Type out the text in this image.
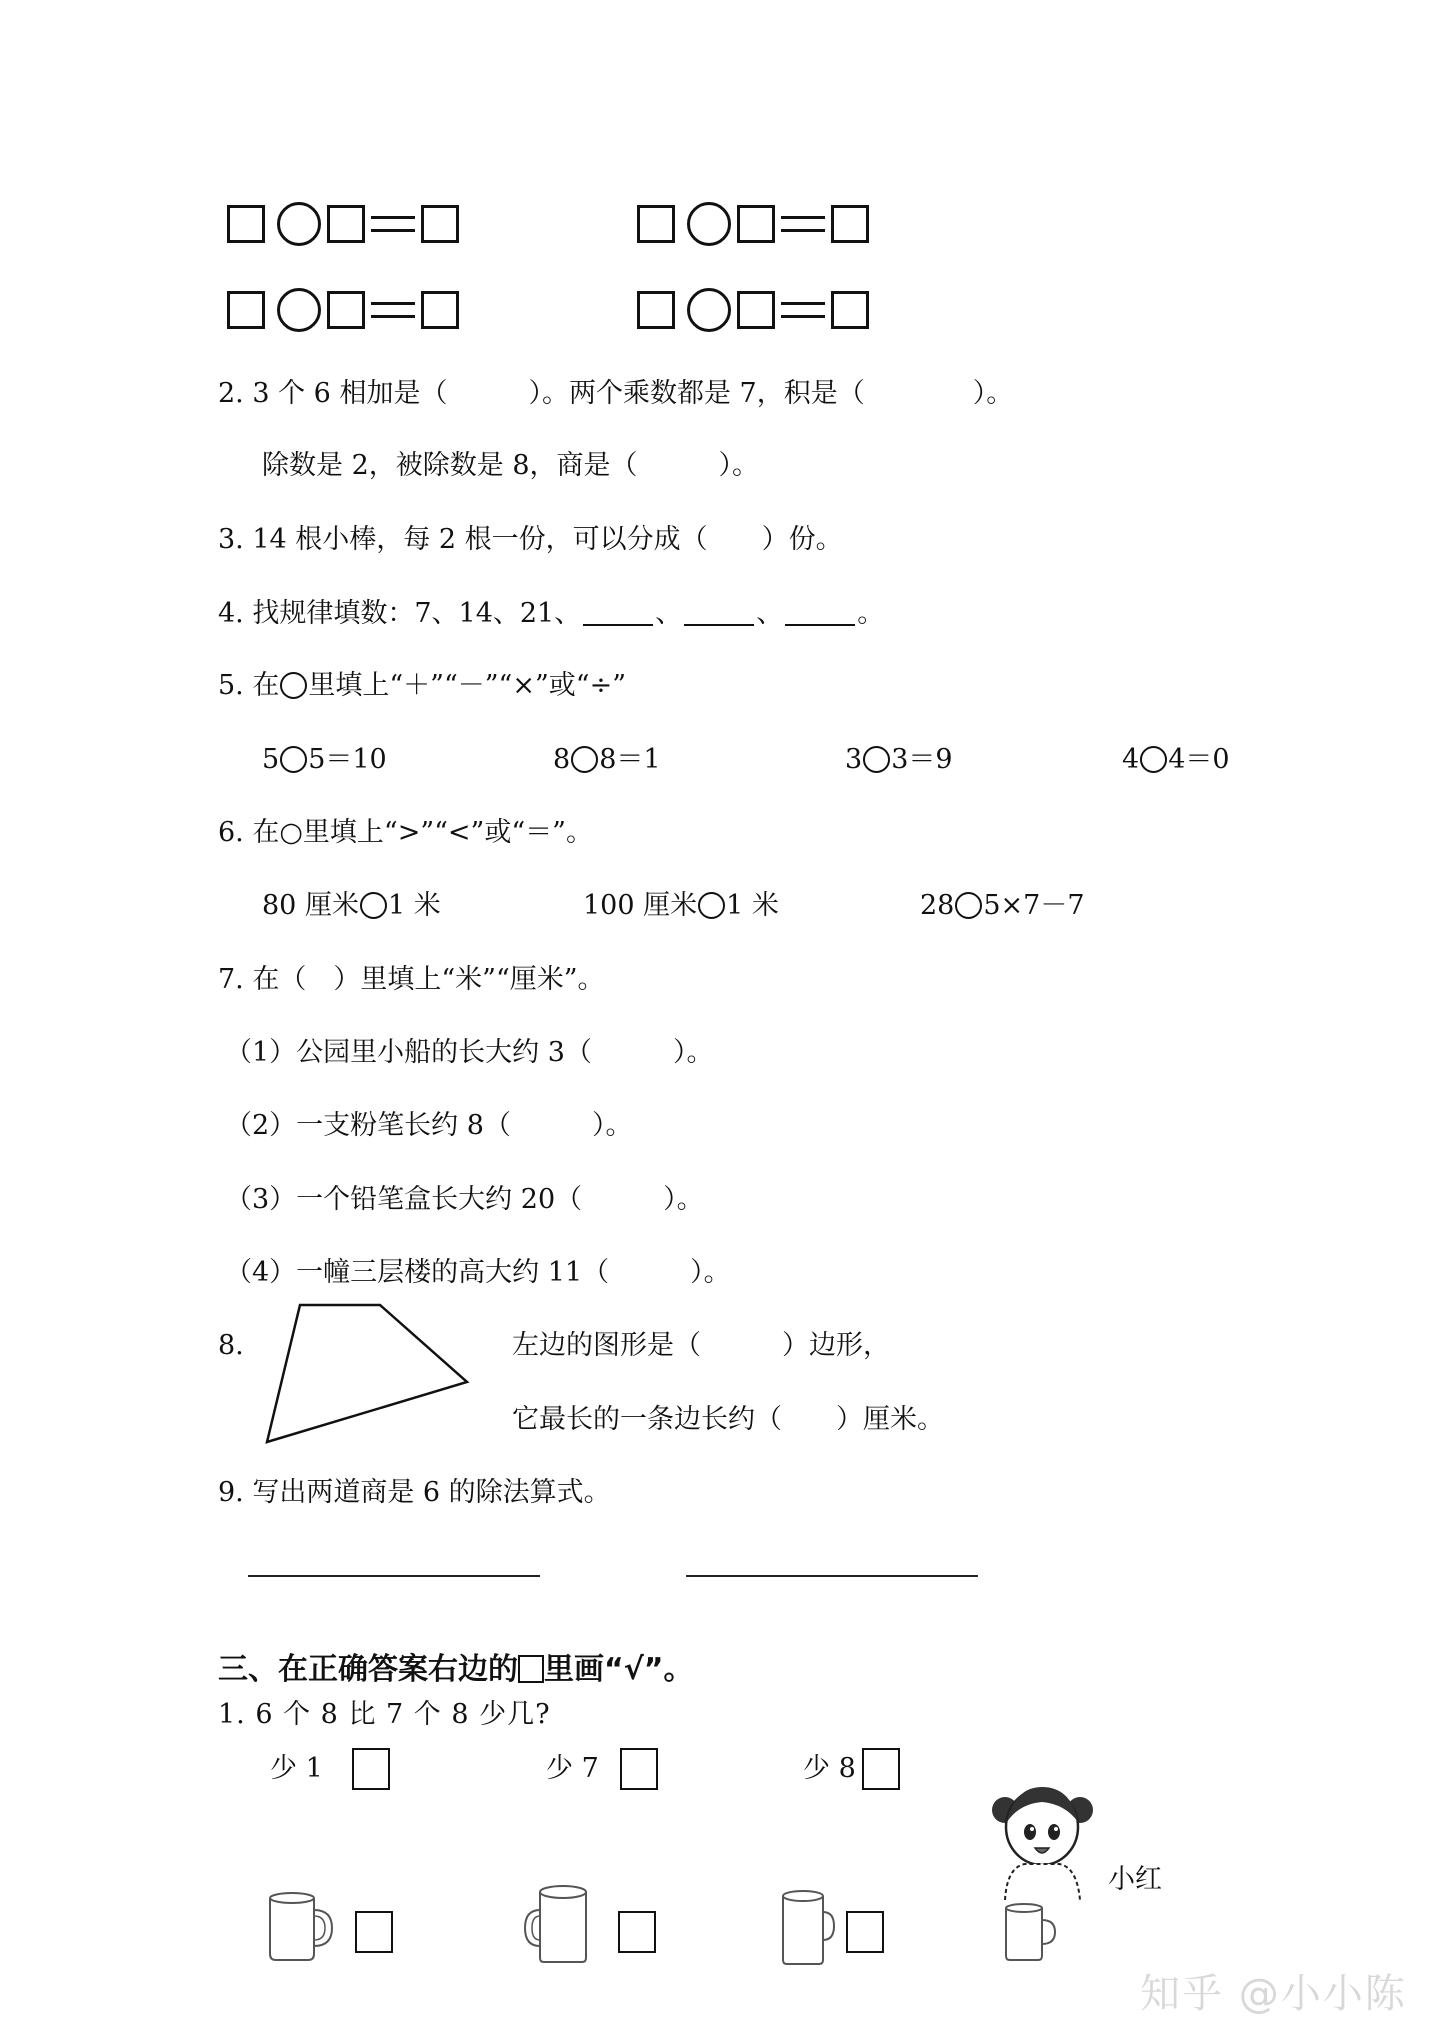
2. 3 个 6 相加是（　　　）。两个乘数都是 7，积是（　　　　）。
除数是 2，被除数是 8，商是（　　　）。
3. 14 根小棒，每 2 根一份，可以分成（　　）份。
4. 找规律填数：7、14、21、	、	、	。
5. 在 里填上“＋”“－”“×”或“÷”
5 5＝10	8 8＝1	3 3＝9	4 4＝0
6. 在○里填上“>”“<”或“＝”。
80 厘米 1 米	100 厘米 1 米	28 5×7－7
7. 在（　）里填上“米”“厘米”。
（1）公园里小船的长大约 3（　　　）。
（2）一支粉笔长约 8（　　　）。
（3）一个铅笔盒长大约 20（　　　）。
（4）一幢三层楼的高大约 11（　　　）。
8.	左边的图形是（　　　）边形，
它最长的一条边长约（　　）厘米。
9. 写出两道商是 6 的除法算式。
三、在正确答案右边的 里画“√”。
1. 6 个 8 比 7 个 8 少几?
少 1	少 7	少 8
小红
知乎 @小小陈
